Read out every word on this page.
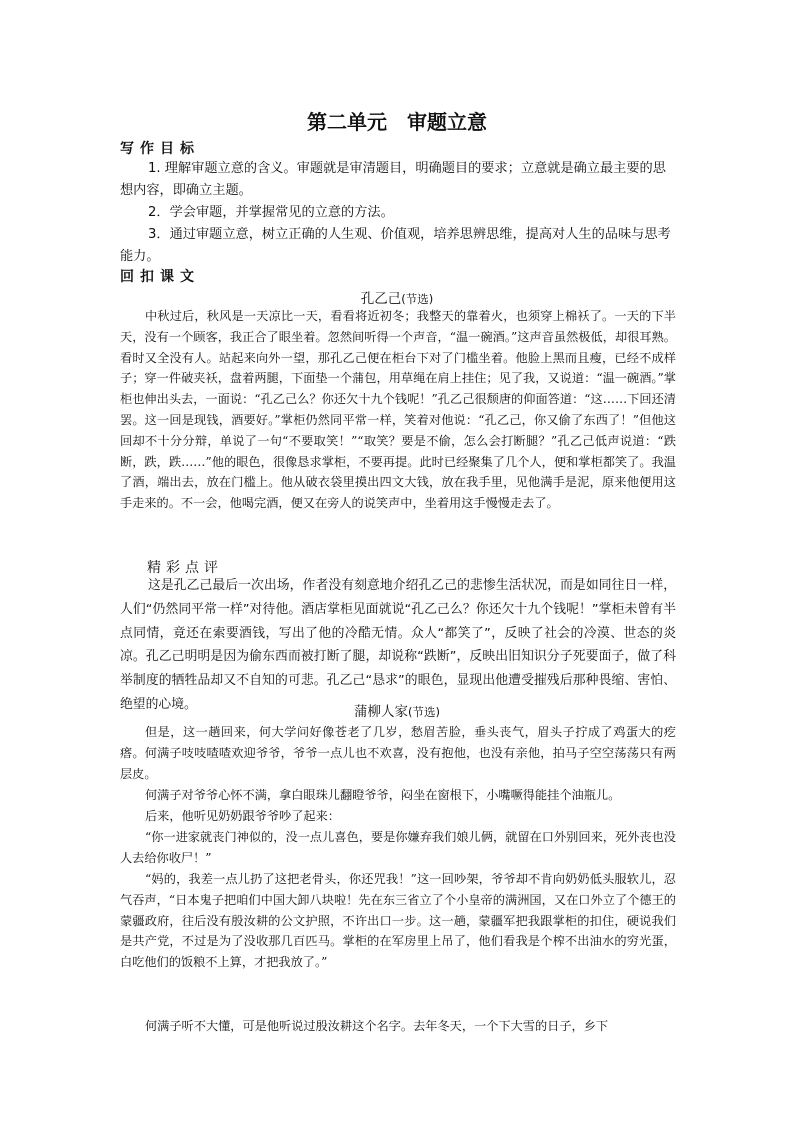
第二单元　审题立意
写作目标

1. 理解审题立意的含义。审题就是审清题目，明确题目的要求；立意就是确立最主要的思想内容，即确立主题。

2．学会审题，并掌握常见的立意的方法。

3．通过审题立意，树立正确的人生观、价值观，培养思辨思维，提高对人生的品味与思考能力。

回扣课文
孔乙己(节选)

中秋过后，秋风是一天凉比一天，看看将近初冬；我整天的靠着火，也须穿上棉袄了。一天的下半天，没有一个顾客，我正合了眼坐着。忽然间听得一个声音，“温一碗酒。”这声音虽然极低，却很耳熟。看时又全没有人。站起来向外一望，那孔乙己便在柜台下对了门槛坐着。他脸上黑而且瘦，已经不成样子；穿一件破夹袄，盘着两腿，下面垫一个蒲包，用草绳在肩上挂住；见了我，又说道：“温一碗酒。”掌柜也伸出头去，一面说：“孔乙己么？你还欠十九个钱呢！”孔乙己很颓唐的仰面答道：“这……下回还清罢。这一回是现钱，酒要好。”掌柜仍然同平常一样，笑着对他说：“孔乙己，你又偷了东西了！”但他这回却不十分分辩，单说了一句“不要取笑！”“取笑？要是不偷，怎么会打断腿？”孔乙己低声说道：“跌断，跌，跌……”他的眼色，很像恳求掌柜，不要再提。此时已经聚集了几个人，便和掌柜都笑了。我温了酒，端出去，放在门槛上。他从破衣袋里摸出四文大钱，放在我手里，见他满手是泥，原来他便用这手走来的。不一会，他喝完酒，便又在旁人的说笑声中，坐着用这手慢慢走去了。

精彩点评

这是孔乙己最后一次出场，作者没有刻意地介绍孔乙己的悲惨生活状况，而是如同往日一样，人们“仍然同平常一样”对待他。酒店掌柜见面就说“孔乙己么？你还欠十九个钱呢！”掌柜未曾有半点同情，竟还在索要酒钱，写出了他的冷酷无情。众人“都笑了”，反映了社会的冷漠、世态的炎凉。孔乙己明明是因为偷东西而被打断了腿，却说称“跌断”，反映出旧知识分子死要面子，做了科举制度的牺牲品却又不自知的可悲。孔乙己“恳求”的眼色，显现出他遭受摧残后那种畏缩、害怕、绝望的心境。	蒲柳人家(节选)

但是，这一趟回来，何大学问好像苍老了几岁，愁眉苦脸，垂头丧气，眉头子拧成了鸡蛋大的疙瘩。何满子吱吱喳喳欢迎爷爷，爷爷一点儿也不欢喜，没有抱他，也没有亲他，拍马子空空荡荡只有两层皮。

何满子对爷爷心怀不满，拿白眼珠儿翻瞪爷爷，闷坐在窗根下，小嘴噘得能挂个油瓶儿。

后来，他听见奶奶跟爷爷吵了起来：

“你一进家就丧门神似的，没一点儿喜色，要是你嫌弃我们娘儿俩，就留在口外别回来，死外丧也没人去给你收尸！”

“妈的，我差一点儿扔了这把老骨头，你还咒我！”这一回吵架，爷爷却不肯向奶奶低头服软儿，忍气吞声，“日本鬼子把咱们中国大卸八块啦！先在东三省立了个小皇帝的满洲国，又在口外立了个德王的蒙疆政府，往后没有殷汝耕的公文护照，不许出口一步。这一趟，蒙疆军把我跟掌柜的扣住，硬说我们是共产党，不过是为了没收那几百匹马。掌柜的在军房里上吊了，他们看我是个榨不出油水的穷光蛋，白吃他们的饭粮不上算，才把我放了。”

何满子听不大懂，可是他听说过殷汝耕这个名字。去年冬天，一个下大雪的日子，乡下
